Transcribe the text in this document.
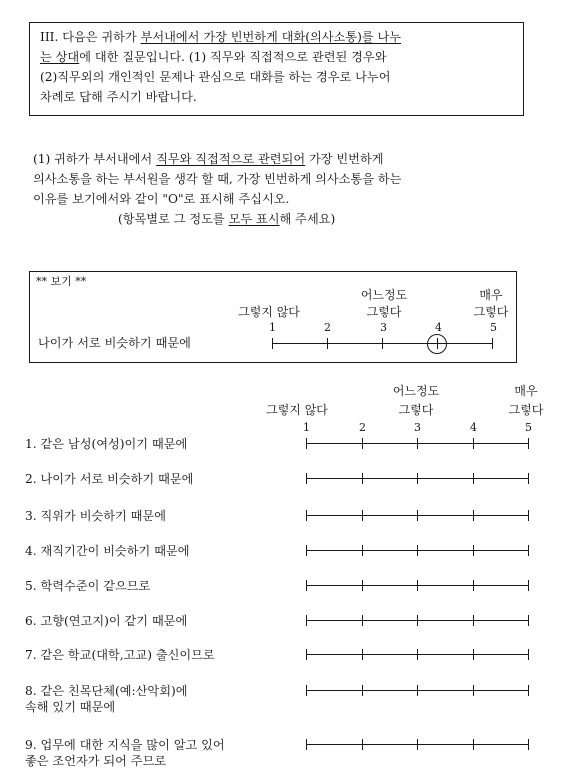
III. 다음은 귀하가 부서내에서 가장 빈번하게 대화(의사소통)를 나누
는 상대에 대한 질문입니다. (1) 직무와 직접적으로 관련된 경우와
(2)직무외의 개인적인 문제나 관심으로 대화를 하는 경우로 나누어
차례로 답해 주시기 바랍니다.
(1) 귀하가 부서내에서 직무와 직접적으로 관련되어 가장 빈번하게
의사소통을 하는 부서원을 생각 할 때, 가장 빈번하게 의사소통을 하는
이유를 보기에서와 같이 "O"로 표시해 주십시오.
(항목별로 그 정도를 모두 표시해 주세요)
** 보기 **
어느정도	매우
그렇지 않다	그렇다	그렇다
1	2	3	4	5
나이가 서로 비슷하기 때문에
어느정도	매우
그렇지 않다	그렇다	그렇다
1	2	3	4	5
1. 같은 남성(여성)이기 때문에
2. 나이가 서로 비슷하기 때문에
3. 직위가 비슷하기 때문에
4. 재직기간이 비슷하기 때문에
5. 학력수준이 같으므로
6. 고향(연고지)이 같기 때문에
7. 같은 학교(대학,고교) 출신이므로
8. 같은 친목단체(예:산악회)에
속해 있기 때문에
9. 업무에 대한 지식을 많이 알고 있어
좋은 조언자가 되어 주므로
